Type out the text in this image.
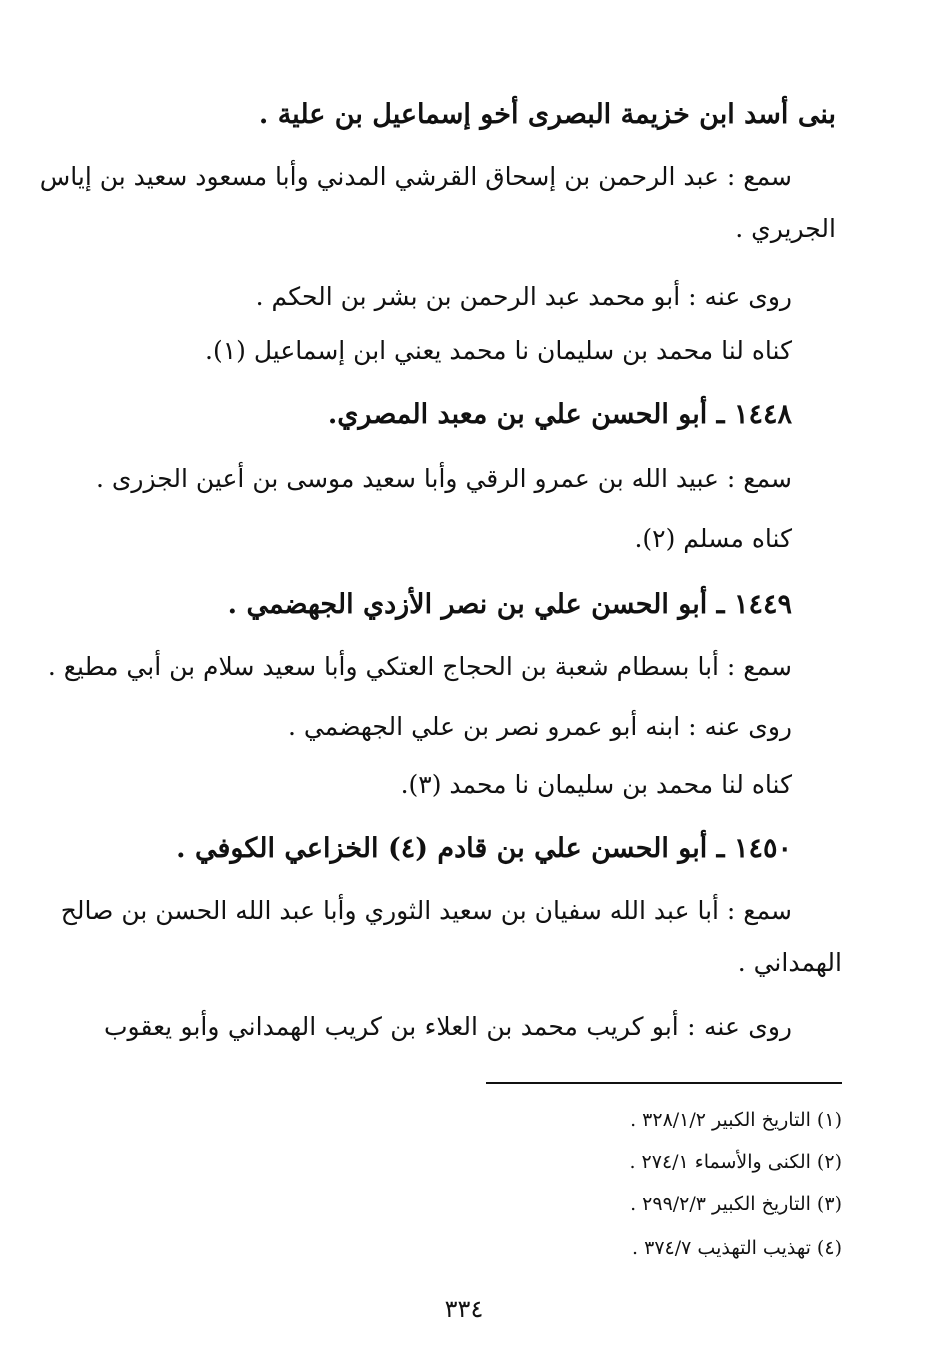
بنى أسد ابن خزيمة البصرى أخو إسماعيل بن علية .
سمع : عبد الرحمن بن إسحاق القرشي المدني وأبا مسعود سعيد بن إياس
الجريري .
روى عنه : أبو محمد عبد الرحمن بن بشر بن الحكم .
كناه لنا محمد بن سليمان نا محمد يعني ابن إسماعيل (١).
١٤٤٨ ـ أبو الحسن علي بن معبد المصري.
سمع : عبيد الله بن عمرو الرقي وأبا سعيد موسى بن أعين الجزرى .
كناه مسلم (٢).
١٤٤٩ ـ أبو الحسن علي بن نصر الأزدي الجهضمي .
سمع : أبا بسطام شعبة بن الحجاج العتكي وأبا سعيد سلام بن أبي مطيع .
روى عنه : ابنه أبو عمرو نصر بن علي الجهضمي .
كناه لنا محمد بن سليمان نا محمد (٣).
١٤٥٠ ـ أبو الحسن علي بن قادم (٤) الخزاعي الكوفي .
سمع : أبا عبد الله سفيان بن سعيد الثوري وأبا عبد الله الحسن بن صالح
الهمداني .
روى عنه : أبو كريب محمد بن العلاء بن كريب الهمداني وأبو يعقوب
(١) التاريخ الكبير ٣٢٨/١/٢ .
(٢) الكنى والأسماء ٢٧٤/١ .
(٣) التاريخ الكبير ٢٩٩/٢/٣ .
(٤) تهذيب التهذيب ٣٧٤/٧ .
٣٣٤
